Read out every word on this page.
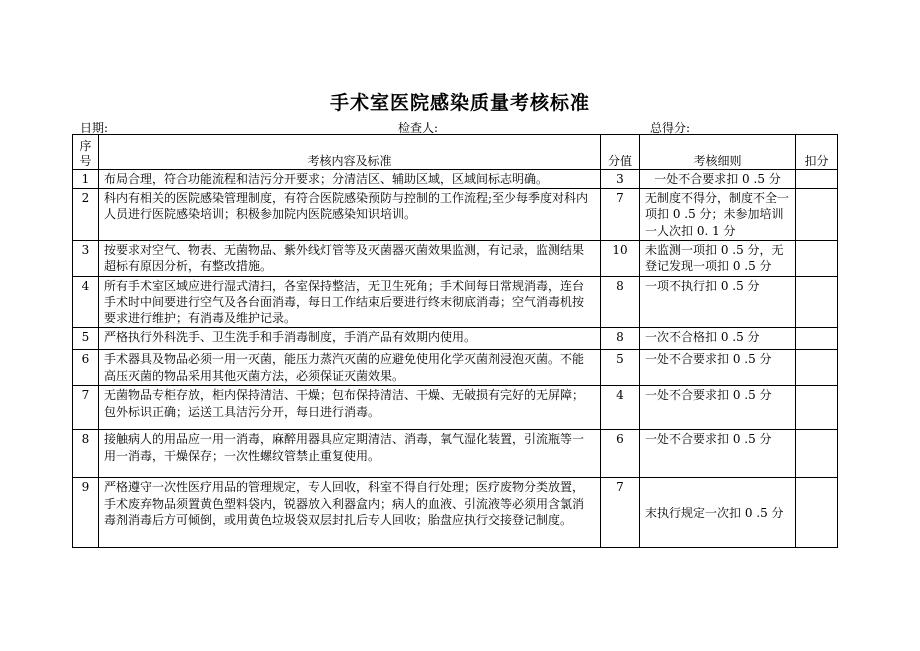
手术室医院感染质量考核标准
日期:	检查人:	总得分:
序号	考核内容及标准	分值	考核细则	扣分
1	布局合理，符合功能流程和洁污分开要求；分清洁区、辅助区域，区域间标志明确。	3	一处不合要求扣 0 .5 分	
2	科内有相关的医院感染管理制度，有符合医院感染预防与控制的工作流程;至少每季度对科内人员进行医院感染培训；积极参加院内医院感染知识培训。	7	无制度不得分，制度不全一项扣 0 .5 分；未参加培训一人次扣 0. 1 分	
3	按要求对空气、物表、无菌物品、紫外线灯管等及灭菌器灭菌效果监测，有记录，监测结果超标有原因分析，有整改措施。	10	未监测一项扣 0 .5 分，无登记发现一项扣 0 .5 分	
4	所有手术室区域应进行湿式清扫，各室保持整洁，无卫生死角；手术间每日常规消毒，连台手术时中间要进行空气及各台面消毒，每日工作结束后要进行终末彻底消毒；空气消毒机按要求进行维护；有消毒及维护记录。	8	一项不执行扣 0 .5 分	
5	严格执行外科洗手、卫生洗手和手消毒制度，手消产品有效期内使用。	8	一次不合格扣 0 .5 分	
6	手术器具及物品必须一用一灭菌，能压力蒸汽灭菌的应避免使用化学灭菌剂浸泡灭菌。不能高压灭菌的物品采用其他灭菌方法，必须保证灭菌效果。	5	一处不合要求扣 0 .5 分	
7	无菌物品专柜存放，柜内保持清洁、干燥；包布保持清洁、干燥、无破损有完好的无屏障；包外标识正确；运送工具洁污分开，每日进行消毒。	4	一处不合要求扣 0 .5 分	
8	接触病人的用品应一用一消毒，麻醉用器具应定期清洁、消毒，氧气湿化装置，引流瓶等一用一消毒，干燥保存；一次性螺纹管禁止重复使用。	6	一处不合要求扣 0 .5 分	
9	严格遵守一次性医疗用品的管理规定，专人回收，科室不得自行处理；医疗废物分类放置，手术废弃物品须置黄色塑料袋内，锐器放入利器盒内；病人的血液、引流液等必须用含氯消毒剂消毒后方可倾倒，或用黄色垃圾袋双层封扎后专人回收；胎盘应执行交接登记制度。	7	末执行规定一次扣 0 .5 分	
